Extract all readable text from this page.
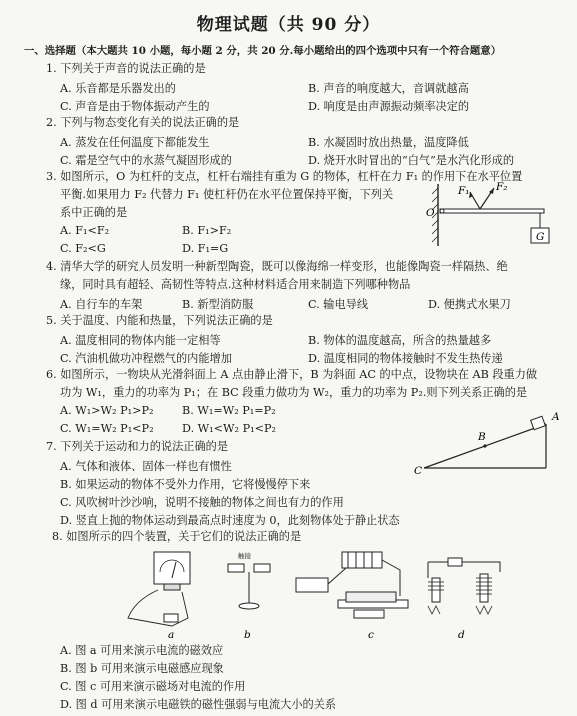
物理试题（共 90 分）
一、选择题（本大题共 10 小题，每小题 2 分，共 20 分.每小题给出的四个选项中只有一个符合题意）
1. 下列关于声音的说法正确的是
A. 乐音都是乐器发出的	B. 声音的响度越大，音调就越高
C. 声音是由于物体振动产生的	D. 响度是由声源振动频率决定的
2. 下列与物态变化有关的说法正确的是
A. 蒸发在任何温度下都能发生	B. 水凝固时放出热量，温度降低
C. 霜是空气中的水蒸气凝固形成的	D. 烧开水时冒出的“白气”是水汽化形成的
3. 如图所示，O 为杠杆的支点，杠杆右端挂有重为 G 的物体，杠杆在力 F₁ 的作用下在水平位置
平衡.如果用力 F₂ 代替力 F₁ 使杠杆仍在水平位置保持平衡，下列关
系中正确的是
A. F₁<F₂	B. F₁>F₂
C. F₂<G	D. F₁=G
O
F₁	F₂
G
4. 清华大学的研究人员发明一种新型陶瓷，既可以像海绵一样变形，也能像陶瓷一样隔热、绝
缘，同时具有超轻、高韧性等特点.这种材料适合用来制造下列哪种物品
A. 自行车的车架	B. 新型消防服	C. 输电导线	D. 便携式水果刀
5. 关于温度、内能和热量，下列说法正确的是
A. 温度相同的物体内能一定相等	B. 物体的温度越高，所含的热量越多
C. 汽油机做功冲程燃气的内能增加	D. 温度相同的物体接触时不发生热传递
6. 如图所示，一物块从光滑斜面上 A 点由静止滑下，B 为斜面 AC 的中点，设物块在 AB 段重力做
功为 W₁，重力的功率为 P₁；在 BC 段重力做功为 W₂，重力的功率为 P₂.则下列关系正确的是
A. W₁>W₂ P₁>P₂	B. W₁=W₂ P₁=P₂
C. W₁=W₂ P₁<P₂	D. W₁<W₂ P₁<P₂
C
B
A
7. 下列关于运动和力的说法正确的是
A. 气体和液体、固体一样也有惯性
B. 如果运动的物体不受外力作用，它将慢慢停下来
C. 风吹树叶沙沙响，说明不接触的物体之间也有力的作用
D. 竖直上抛的物体运动到最高点时速度为 0，此刻物体处于静止状态
8. 如图所示的四个装置，关于它们的说法正确的是
a
触接
b	c	d
A. 图 a 可用来演示电流的磁效应
B. 图 b 可用来演示电磁感应现象
C. 图 c 可用来演示磁场对电流的作用
D. 图 d 可用来演示电磁铁的磁性强弱与电流大小的关系
